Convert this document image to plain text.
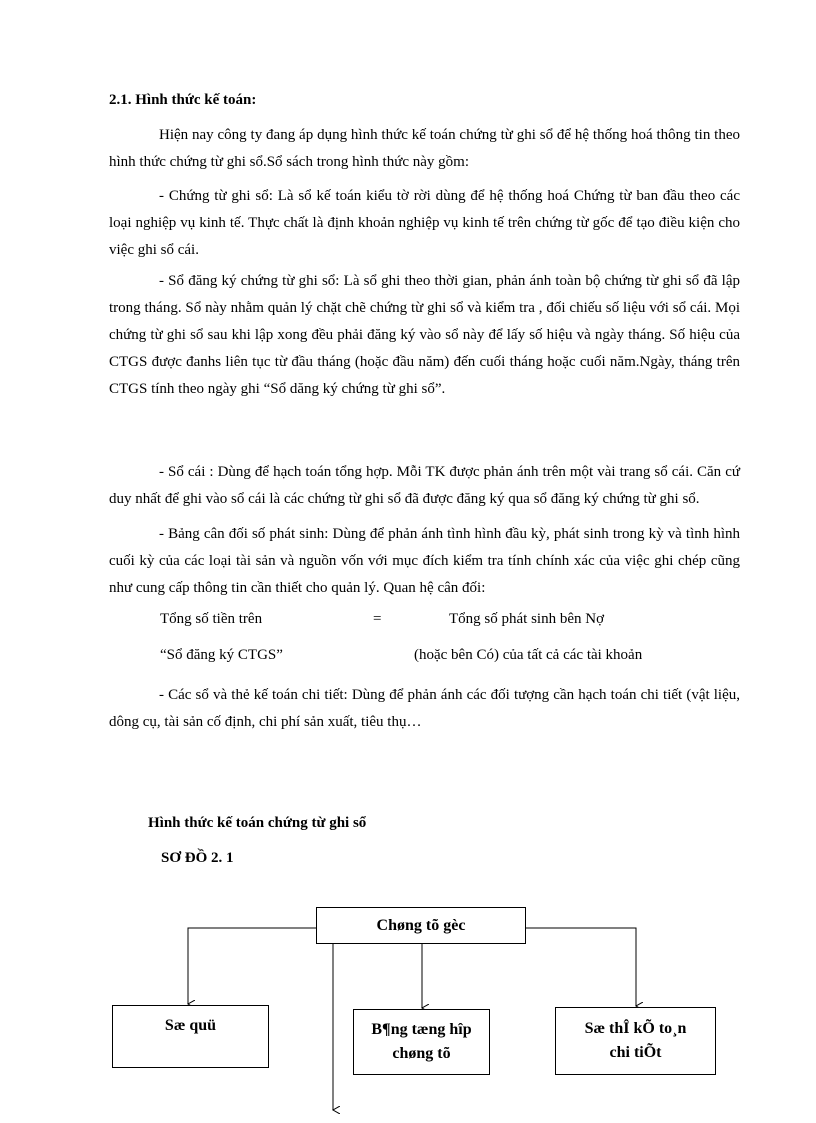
2.1. Hình thức kế toán:

Hiện nay công ty đang áp dụng hình thức kế toán chứng từ ghi sổ để hệ thống hoá thông tin theo hình thức chứng từ ghi sổ.Sổ sách trong hình thức này gồm:

- Chứng từ ghi sổ: Là sổ kế toán kiểu tờ rời dùng để hệ thống hoá Chứng từ ban đầu theo các loại nghiệp vụ kinh tế. Thực chất là định khoản nghiệp vụ kinh tế trên chứng từ gốc để tạo điều kiện cho việc ghi sổ cái.

- Sổ đăng ký chứng từ ghi sổ: Là sổ ghi theo thời gian, phản ánh toàn bộ chứng từ ghi sổ đã lập trong tháng. Sổ này nhằm quản lý chặt chẽ chứng từ ghi sổ và kiểm tra , đối chiếu số liệu với sổ cái. Mọi chứng từ ghi sổ sau khi lập xong đều phải đăng ký vào sổ này để lấy số hiệu và ngày tháng. Số hiệu của CTGS được đanhs liên tục từ đầu tháng (hoặc đầu năm) đến cuối tháng hoặc cuối năm.Ngày, tháng trên CTGS tính theo ngày ghi “Sổ dăng ký chứng từ ghi sổ”.

- Sổ cái : Dùng để hạch toán tổng hợp. Mỗi TK được phản ánh trên một vài trang sổ cái. Căn cứ duy nhất để ghi vào sổ cái là các chứng từ ghi sổ đã được đăng ký qua sổ đăng ký chứng từ ghi sổ.

- Bảng cân đối số phát sinh: Dùng để phản ánh tình hình đầu kỳ, phát sinh trong kỳ và tình hình cuối kỳ của các loại tài sản và nguồn vốn với mục đích kiểm tra tính chính xác của việc ghi chép cũng như cung cấp thông tin cần thiết cho quản lý. Quan hệ cân đối:

Tổng số tiền trên	=	Tổng số phát sinh bên Nợ
“Sổ đăng ký CTGS”	(hoặc bên Có) của tất cả các tài khoản

- Các sổ và thẻ kế toán chi tiết: Dùng để phản ánh các đối tượng cần hạch toán chi tiết (vật liệu, dông cụ, tài sản cố định, chi phí sản xuất, tiêu thụ…

Hình thức kế toán chứng từ ghi sổ
SƠ ĐỒ 2. 1
Chøng tõ gèc
Sæ quü	B¶ng tæng hîp
chøng tõ
Sæ thÎ kÕ to¸n
chi tiÕt
